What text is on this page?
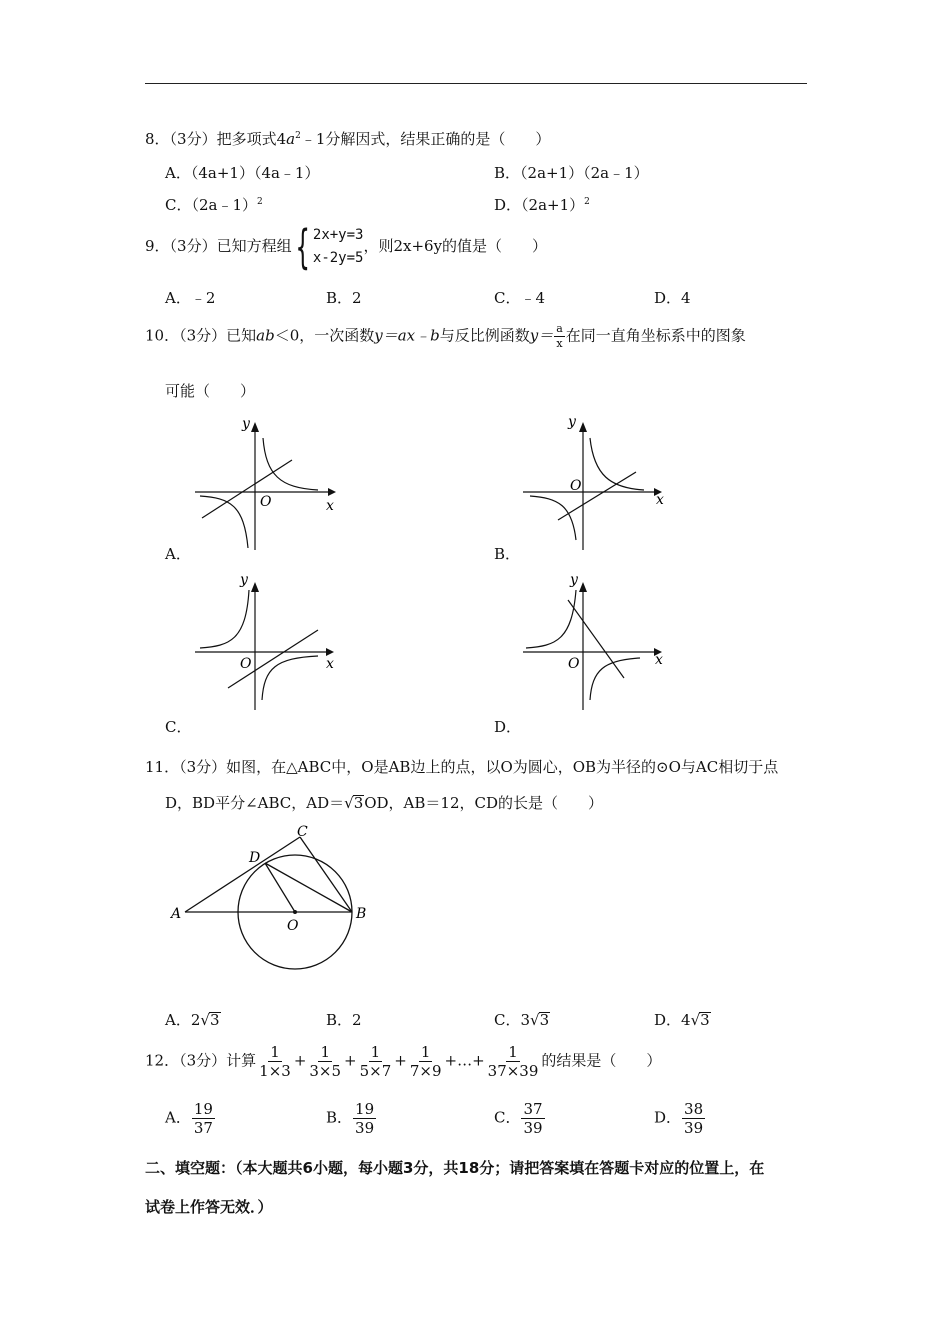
8．（3分）把多项式$4a^2﹣1$分解因式，结果正确的是（　　）
A．（4a+1）（4a﹣1）	B．（2a+1）（2a﹣1）
C．（2a﹣1）$^2$	D．$(2a+1)^2$
9．（3分）已知方程组 { 2x+y=3
x-2y=5
，则2x+6y的值是（　　）
A．﹣2	B．2	C．﹣4	D．4
10．（3分）已知ab＜0，一次函数y＝ax﹣b与反比例函数$y= \frac{a}{x}$ 在同一直角坐标系中的图象
可能（　　）
y
x
O
A．
y
x
O
B．
y
x
O
C．
y
x
O
D．
11．（3分）如图，在△ABC中，O是AB边上的点，以O为圆心，OB为半径的⊙O与AC相切于点
D，BD平分∠ABC，AD＝√3OD，AB＝12，CD的长是（　　）
A	B
C
D
O
A．2√3	B．2	C．3√3	D．4√3
12．（3分）计算 $\frac{1}{1\times 3} + \frac{1}{3\times 5} + \frac{1}{5\times 7} + \frac{1}{7\times 9}$ +…+ $\frac{1}{37\times 39}$ 的结果是（　　）
A． $\frac{19}{37}$	B． $\frac{19}{39}$	C． $\frac{37}{39}$	D． $\frac{38}{39}$
二、填空题：（本大题共6小题，每小题3分，共18分；请把答案填在答题卡对应的位置上，在
试卷上作答无效．）
